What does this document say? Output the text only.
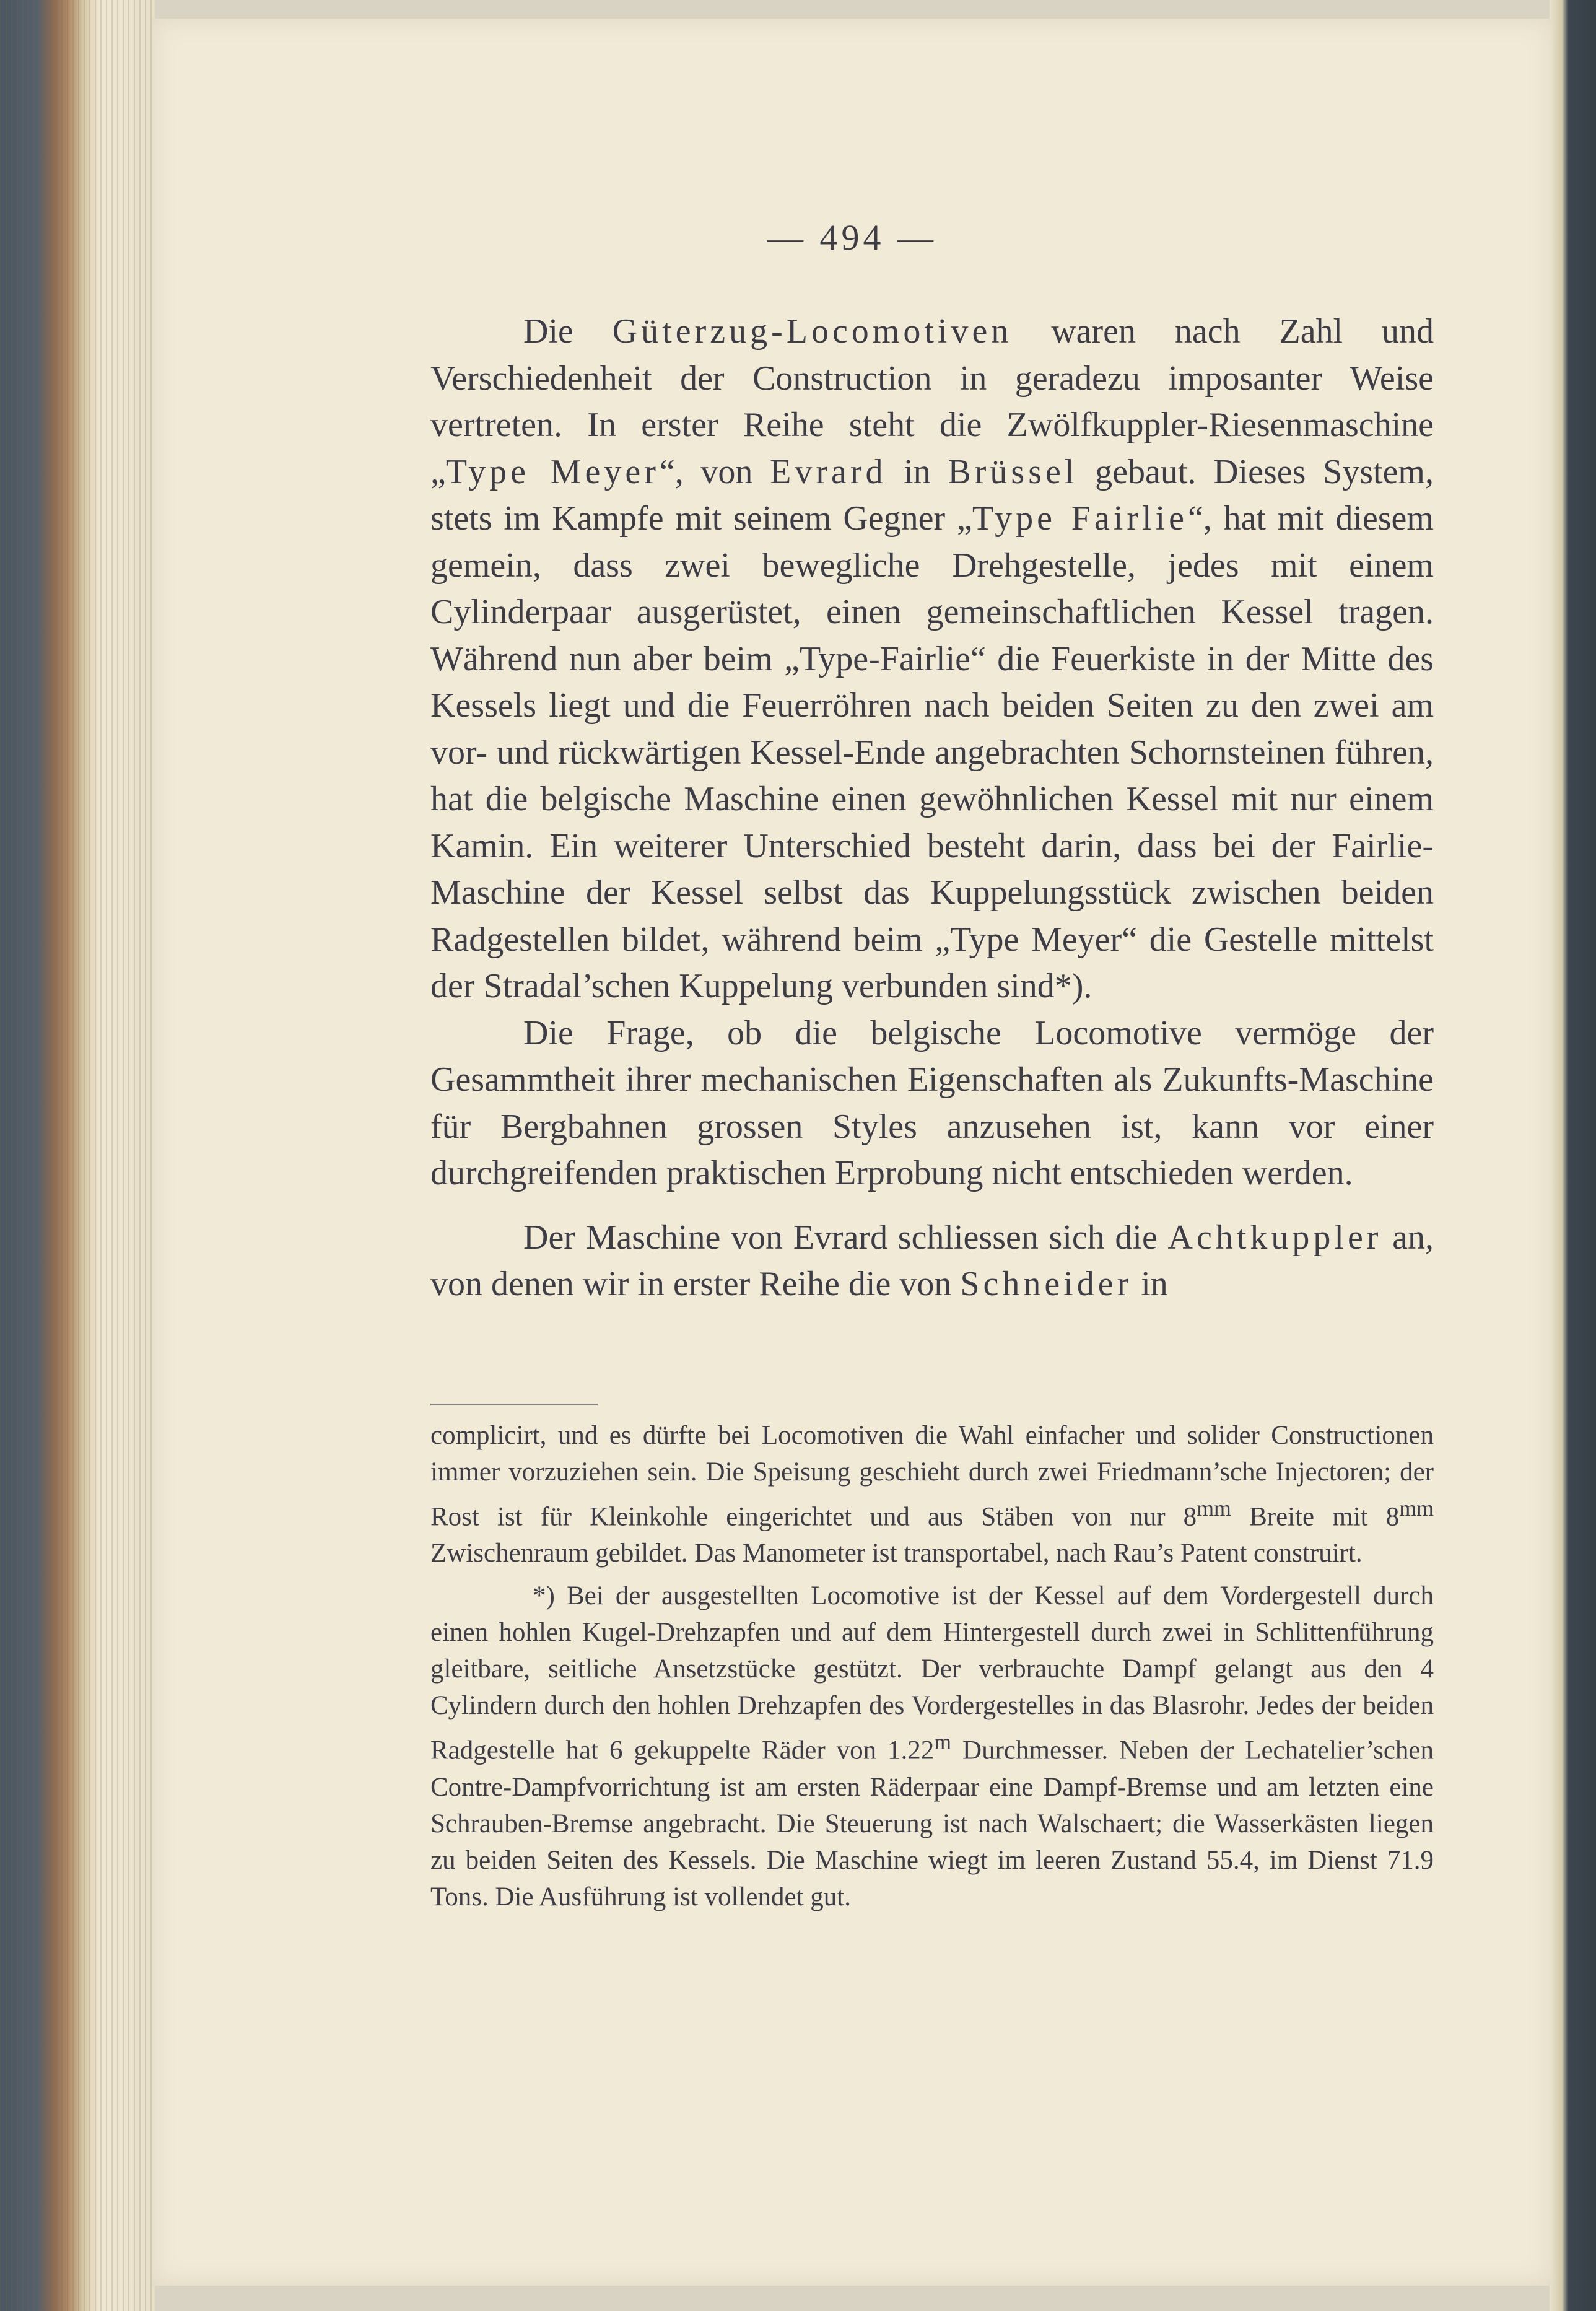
— 494 —

Die Güterzug-Locomotiven waren nach Zahl und Verschiedenheit der Construction in geradezu imposanter Weise vertreten. In erster Reihe steht die Zwölfkuppler-Riesenmaschine „Type Meyer“, von Evrard in Brüssel gebaut. Dieses System, stets im Kampfe mit seinem Gegner „Type Fairlie“, hat mit diesem gemein, dass zwei bewegliche Drehgestelle, jedes mit einem Cylinderpaar ausgerüstet, einen gemeinschaftlichen Kessel tragen. Während nun aber beim „Type-Fairlie“ die Feuerkiste in der Mitte des Kessels liegt und die Feuerröhren nach beiden Seiten zu den zwei am vor- und rückwärtigen Kessel-Ende angebrachten Schornsteinen führen, hat die belgische Maschine einen gewöhnlichen Kessel mit nur einem Kamin. Ein weiterer Unterschied besteht darin, dass bei der Fairlie-Maschine der Kessel selbst das Kuppelungsstück zwischen beiden Radgestellen bildet, während beim „Type Meyer“ die Gestelle mittelst der Stradal’schen Kuppelung verbunden sind*).

Die Frage, ob die belgische Locomotive vermöge der Gesammtheit ihrer mechanischen Eigenschaften als Zukunfts-Maschine für Bergbahnen grossen Styles anzusehen ist, kann vor einer durchgreifenden praktischen Erprobung nicht entschieden werden.

Der Maschine von Evrard schliessen sich die Achtkuppler an, von denen wir in erster Reihe die von Schneider in

complicirt, und es dürfte bei Locomotiven die Wahl einfacher und solider Constructionen immer vorzuziehen sein. Die Speisung geschieht durch zwei Friedmann’sche Injectoren; der Rost ist für Kleinkohle eingerichtet und aus Stäben von nur $8^{mm}$ Breite mit $8^{mm}$ Zwischenraum gebildet. Das Manometer ist transportabel, nach Rau’s Patent construirt.

*) Bei der ausgestellten Locomotive ist der Kessel auf dem Vordergestell durch einen hohlen Kugel-Drehzapfen und auf dem Hintergestell durch zwei in Schlittenführung gleitbare, seitliche Ansetzstücke gestützt. Der verbrauchte Dampf gelangt aus den 4 Cylindern durch den hohlen Drehzapfen des Vordergestelles in das Blasrohr. Jedes der beiden Radgestelle hat 6 gekuppelte Räder von 1.22$^m$ Durchmesser. Neben der Lechatelier’schen Contre-Dampfvorrichtung ist am ersten Räderpaar eine Dampf-Bremse und am letzten eine Schrauben-Bremse angebracht. Die Steuerung ist nach Walschaert; die Wasserkästen liegen zu beiden Seiten des Kessels. Die Maschine wiegt im leeren Zustand 55.4, im Dienst 71.9 Tons. Die Ausführung ist vollendet gut.
